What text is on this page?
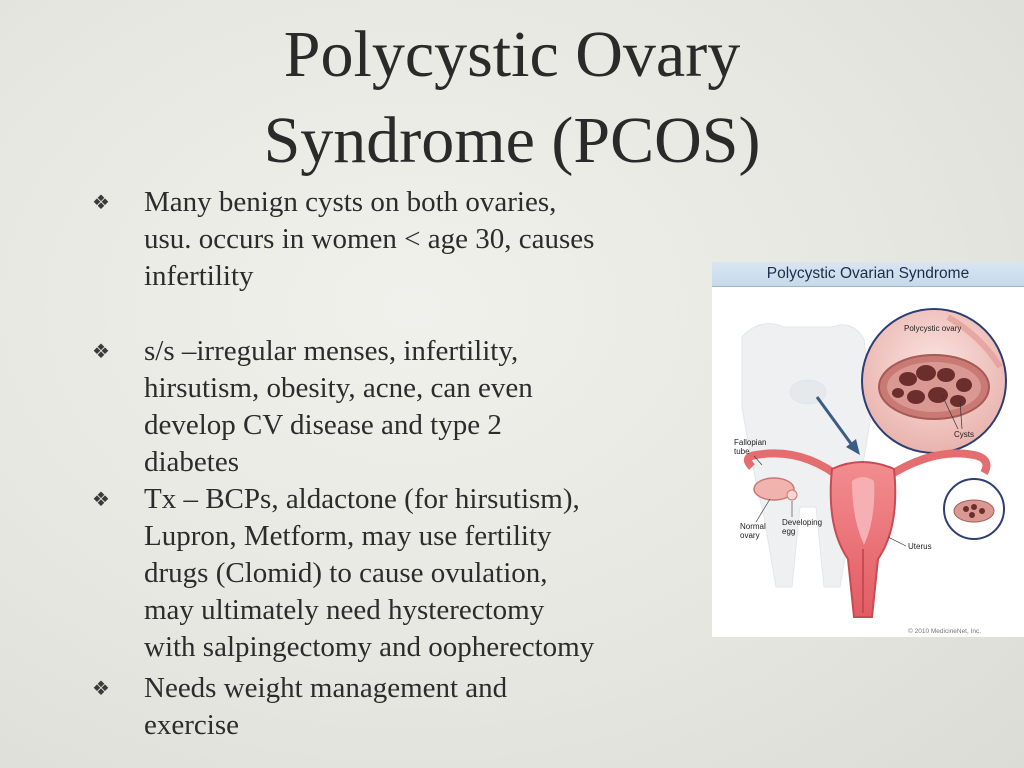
Polycystic Ovary
Syndrome (PCOS)
❖	Many benign cysts on both ovaries,
usu. occurs in women < age 30, causes
infertility
❖	s/s –irregular menses, infertility,
hirsutism, obesity, acne, can even
develop CV disease and type 2
diabetes
❖	Tx – BCPs, aldactone (for hirsutism),
Lupron, Metform, may use fertility
drugs (Clomid) to cause ovulation,
may ultimately need hysterectomy
with salpingectomy and oopherectomy
❖	Needs weight management and
exercise
Polycystic Ovarian Syndrome
Polycystic ovary
Cysts
Fallopian
tube
Normal
ovary
Developing
egg
Uterus
© 2010 MedicineNet, Inc.
